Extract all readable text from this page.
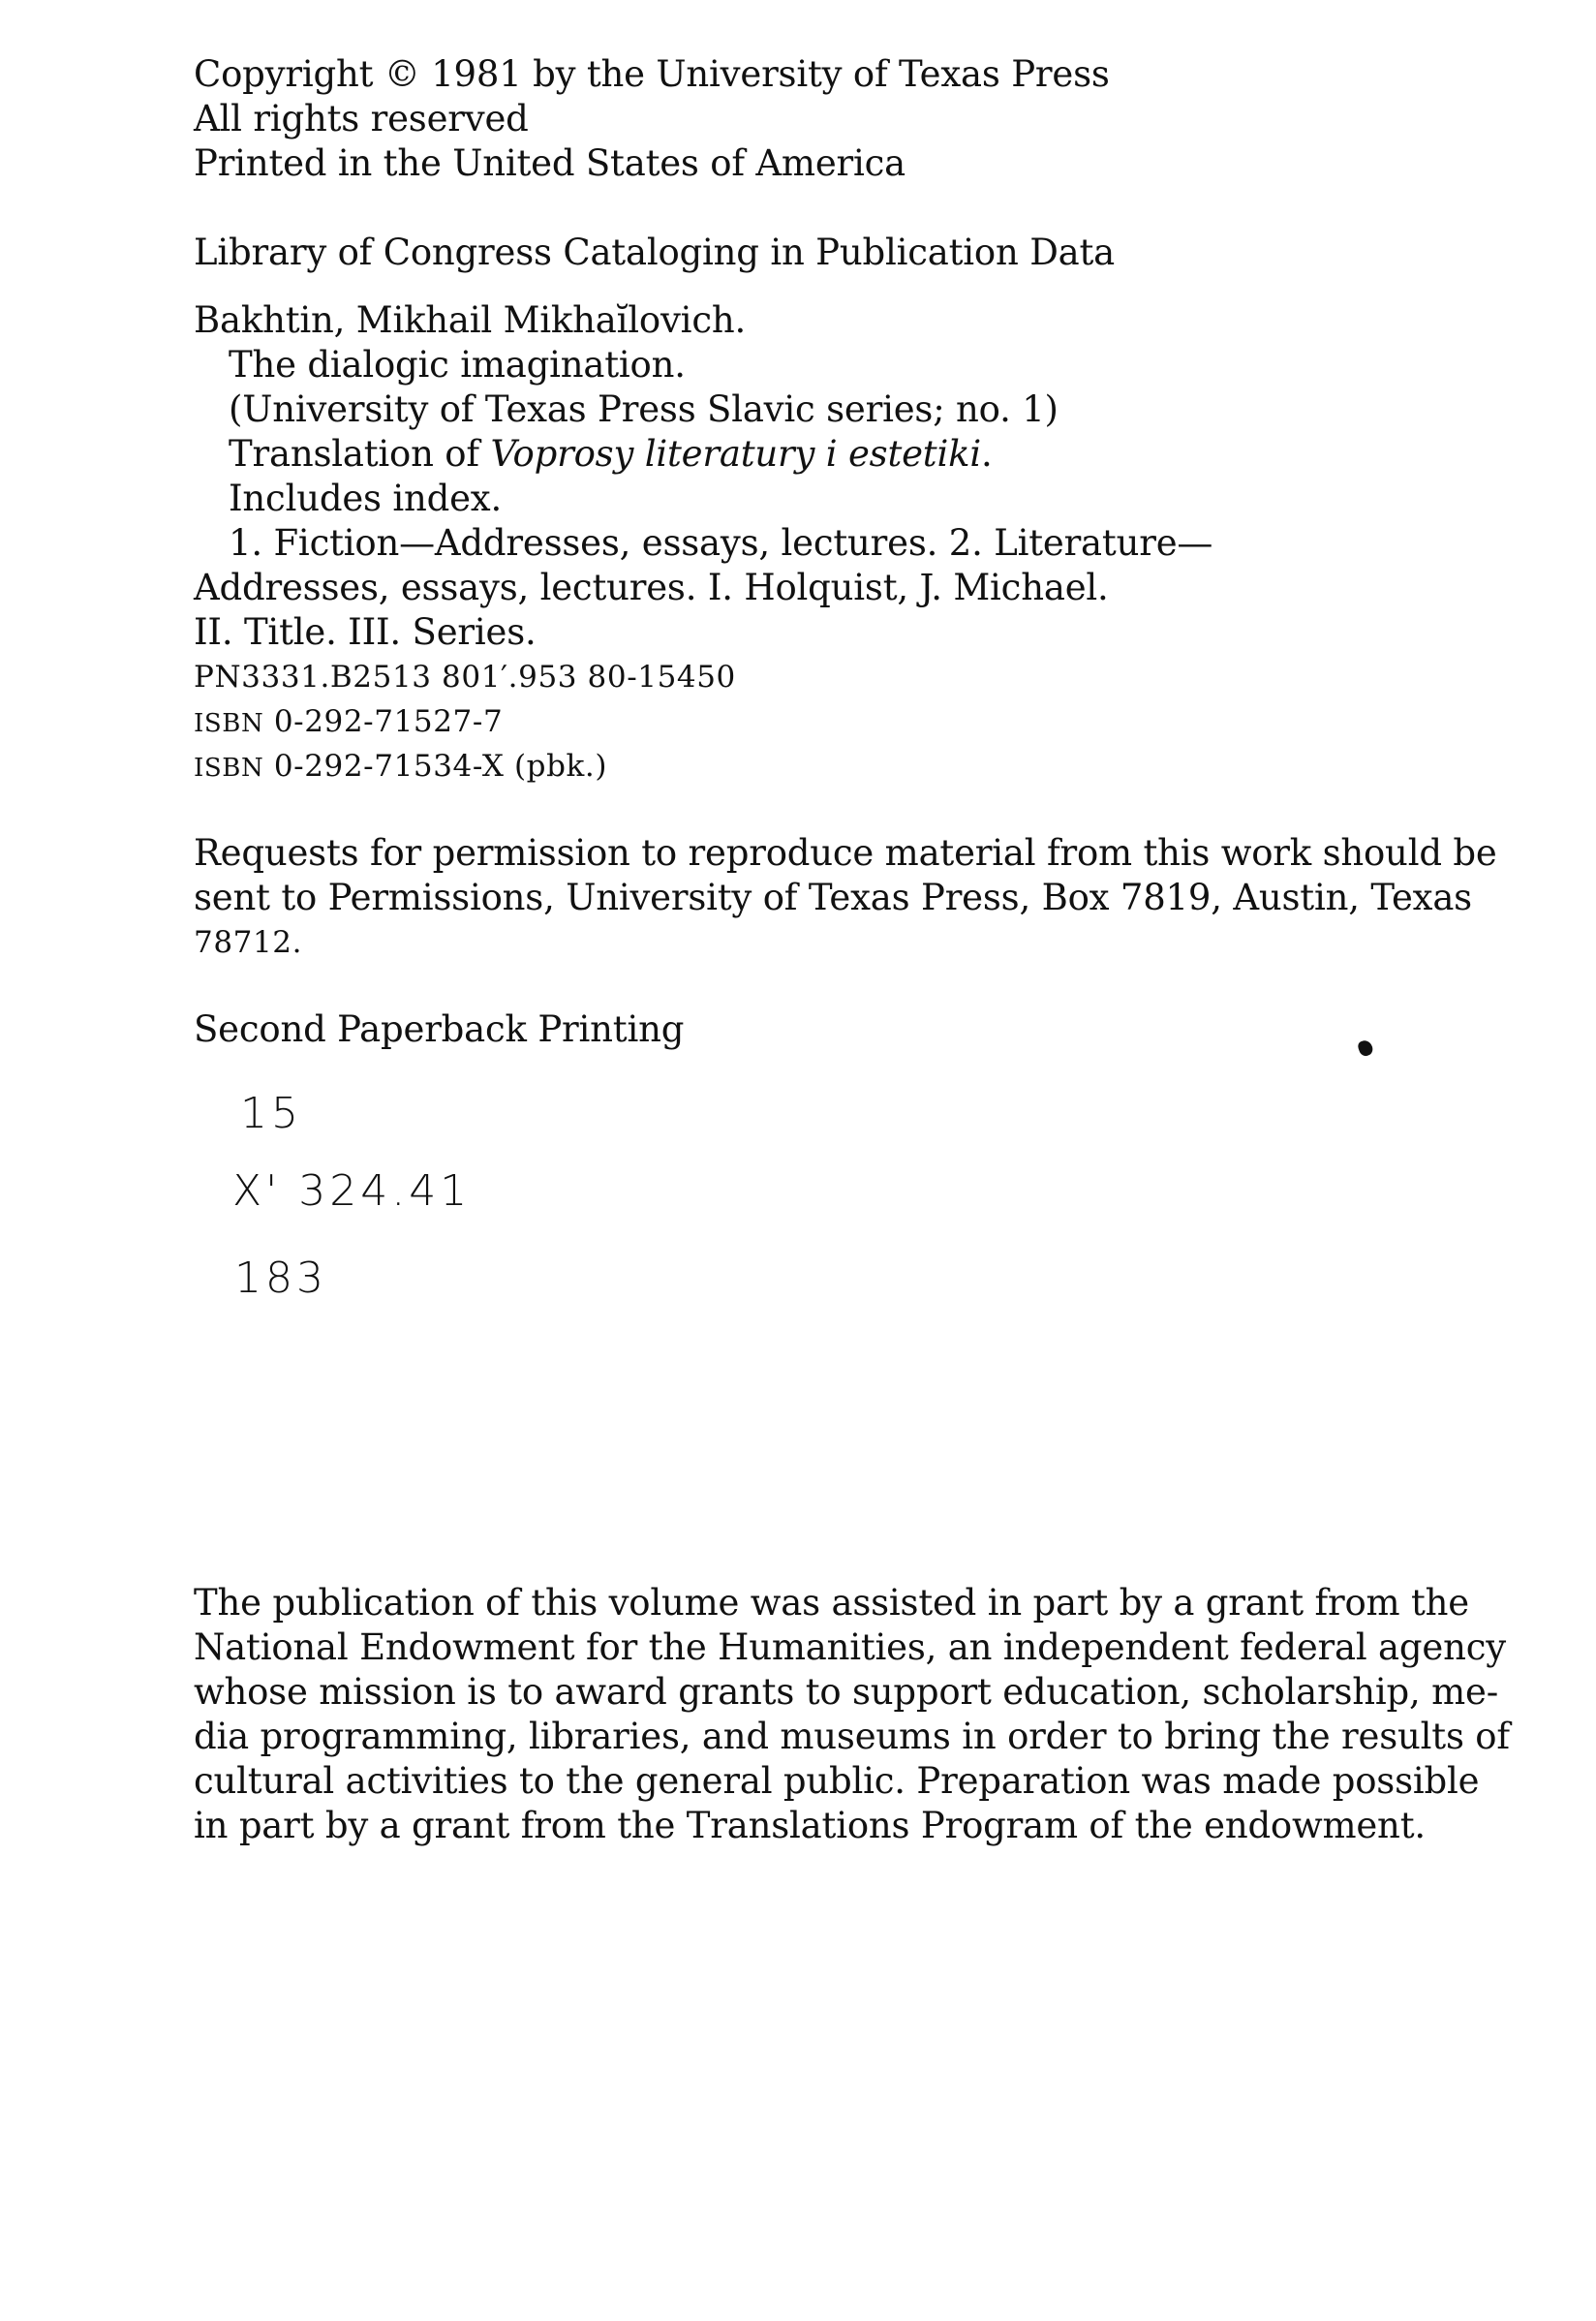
Copyright © 1981 by the University of Texas Press
All rights reserved
Printed in the United States of America
Library of Congress Cataloging in Publication Data
Bakhtin, Mikhail Mikhaĭlovich.
The dialogic imagination.
(University of Texas Press Slavic series; no. 1)
Translation of Voprosy literatury i estetiki.
Includes index.
1. Fiction—Addresses, essays, lectures. 2. Literature—
Addresses, essays, lectures. I. Holquist, J. Michael.
II. Title. III. Series.
PN3331.B2513 801′.953 80-15450
ISBN 0-292-71527-7
ISBN 0-292-71534-X (pbk.)
Requests for permission to reproduce material from this work should be
sent to Permissions, University of Texas Press, Box 7819, Austin, Texas
78712.
Second Paperback Printing
15
X' 324.41
183
The publication of this volume was assisted in part by a grant from the
National Endowment for the Humanities, an independent federal agency
whose mission is to award grants to support education, scholarship, me-
dia programming, libraries, and museums in order to bring the results of
cultural activities to the general public. Preparation was made possible
in part by a grant from the Translations Program of the endowment.
